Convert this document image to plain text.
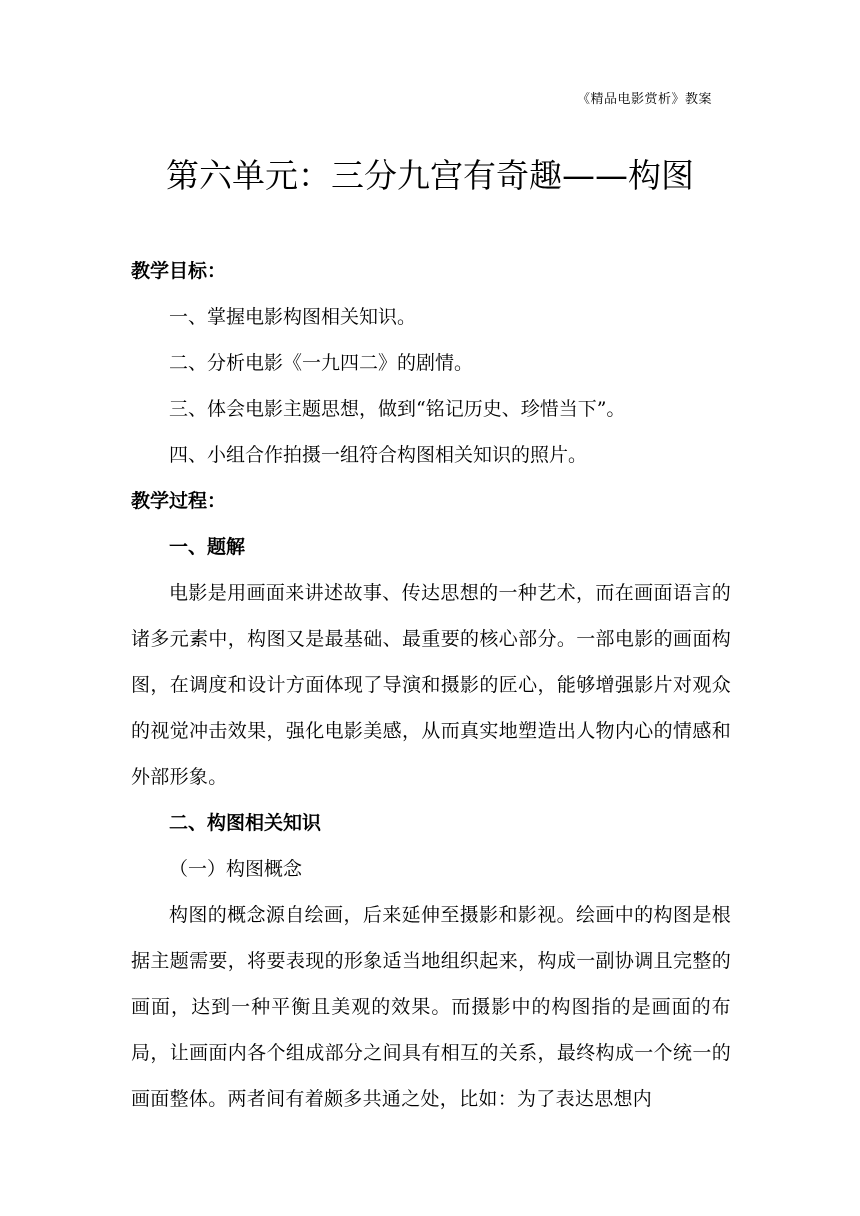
《精品电影赏析》教案
第六单元：三分九宫有奇趣——构图

教学目标：

一、掌握电影构图相关知识。

二、分析电影《一九四二》的剧情。

三、体会电影主题思想，做到“铭记历史、珍惜当下”。

四、小组合作拍摄一组符合构图相关知识的照片。

教学过程：

一、题解

电影是用画面来讲述故事、传达思想的一种艺术，而在画面语言的诸多元素中，构图又是最基础、最重要的核心部分。一部电影的画面构图，在调度和设计方面体现了导演和摄影的匠心，能够增强影片对观众的视觉冲击效果，强化电影美感，从而真实地塑造出人物内心的情感和外部形象。

二、构图相关知识

（一）构图概念

构图的概念源自绘画，后来延伸至摄影和影视。绘画中的构图是根据主题需要，将要表现的形象适当地组织起来，构成一副协调且完整的画面，达到一种平衡且美观的效果。而摄影中的构图指的是画面的布局，让画面内各个组成部分之间具有相互的关系，最终构成一个统一的画面整体。两者间有着颇多共通之处，比如：为了表达思想内
